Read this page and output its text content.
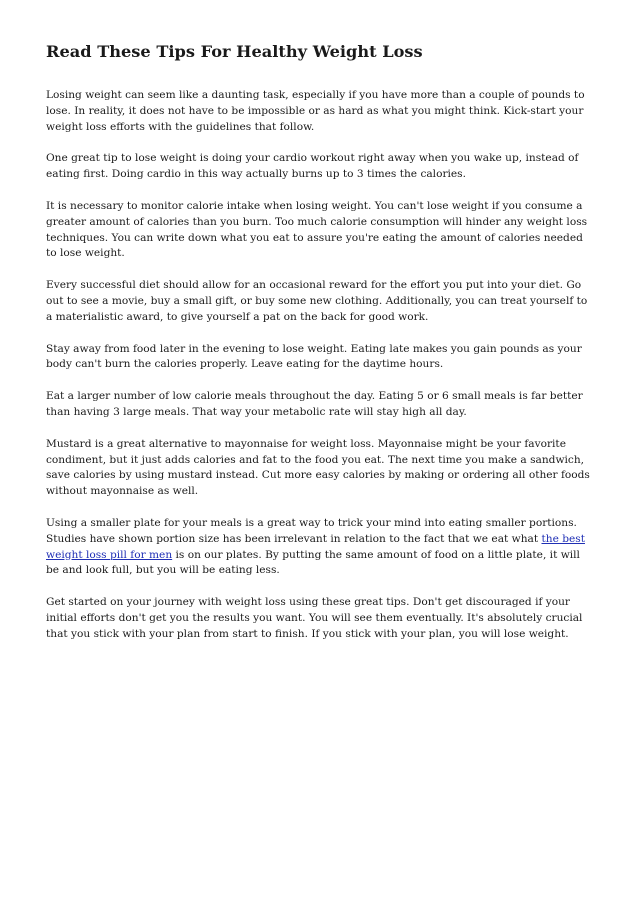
Read These Tips For Healthy Weight Loss

Losing weight can seem like a daunting task, especially if you have more than a couple of pounds to lose. In reality, it does not have to be impossible or as hard as what you might think. Kick-start your weight loss efforts with the guidelines that follow.

One great tip to lose weight is doing your cardio workout right away when you wake up, instead of eating first. Doing cardio in this way actually burns up to 3 times the calories.

It is necessary to monitor calorie intake when losing weight. You can't lose weight if you consume a greater amount of calories than you burn. Too much calorie consumption will hinder any weight loss techniques. You can write down what you eat to assure you're eating the amount of calories needed to lose weight.

Every successful diet should allow for an occasional reward for the effort you put into your diet. Go out to see a movie, buy a small gift, or buy some new clothing. Additionally, you can treat yourself to a materialistic award, to give yourself a pat on the back for good work.

Stay away from food later in the evening to lose weight. Eating late makes you gain pounds as your body can't burn the calories properly. Leave eating for the daytime hours.

Eat a larger number of low calorie meals throughout the day. Eating 5 or 6 small meals is far better than having 3 large meals. That way your metabolic rate will stay high all day.

Mustard is a great alternative to mayonnaise for weight loss. Mayonnaise might be your favorite condiment, but it just adds calories and fat to the food you eat. The next time you make a sandwich, save calories by using mustard instead. Cut more easy calories by making or ordering all other foods without mayonnaise as well.

Using a smaller plate for your meals is a great way to trick your mind into eating smaller portions. Studies have shown portion size has been irrelevant in relation to the fact that we eat what the best weight loss pill for men is on our plates. By putting the same amount of food on a little plate, it will be and look full, but you will be eating less.

Get started on your journey with weight loss using these great tips. Don't get discouraged if your initial efforts don't get you the results you want. You will see them eventually. It's absolutely crucial that you stick with your plan from start to finish. If you stick with your plan, you will lose weight.
